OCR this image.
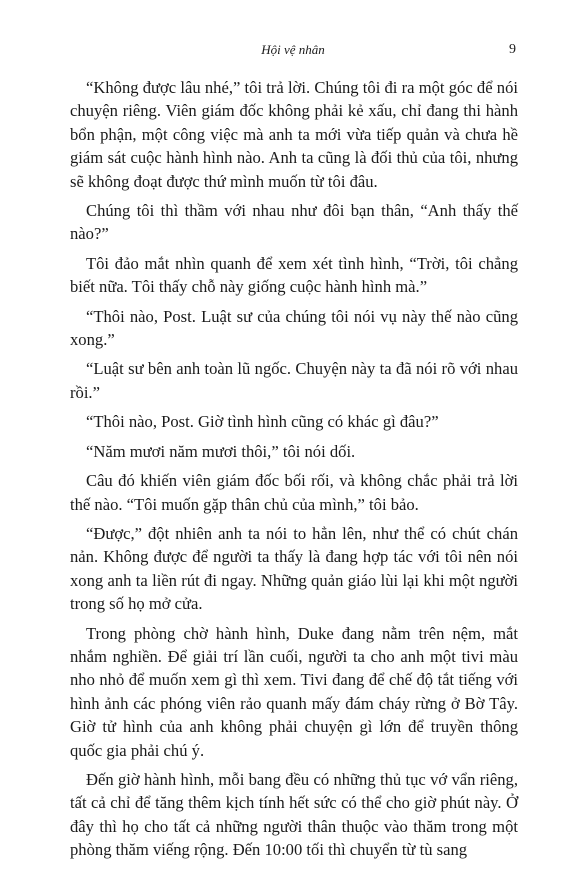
Hội vệ nhân	9

“Không được lâu nhé,” tôi trả lời. Chúng tôi đi ra một góc để nói chuyện riêng. Viên giám đốc không phải kẻ xấu, chỉ đang thi hành bổn phận, một công việc mà anh ta mới vừa tiếp quản và chưa hề giám sát cuộc hành hình nào. Anh ta cũng là đối thủ của tôi, nhưng sẽ không đoạt được thứ mình muốn từ tôi đâu.

Chúng tôi thì thầm với nhau như đôi bạn thân, “Anh thấy thế nào?”

Tôi đảo mắt nhìn quanh để xem xét tình hình, “Trời, tôi chẳng biết nữa. Tôi thấy chỗ này giống cuộc hành hình mà.”

“Thôi nào, Post. Luật sư của chúng tôi nói vụ này thế nào cũng xong.”

“Luật sư bên anh toàn lũ ngốc. Chuyện này ta đã nói rõ với nhau rồi.”

“Thôi nào, Post. Giờ tình hình cũng có khác gì đâu?”

“Năm mươi năm mươi thôi,” tôi nói dối.

Câu đó khiến viên giám đốc bối rối, và không chắc phải trả lời thế nào. “Tôi muốn gặp thân chủ của mình,” tôi bảo.

“Được,” đột nhiên anh ta nói to hẳn lên, như thể có chút chán nản. Không được để người ta thấy là đang hợp tác với tôi nên nói xong anh ta liền rút đi ngay. Những quản giáo lùi lại khi một người trong số họ mở cửa.

Trong phòng chờ hành hình, Duke đang nằm trên nệm, mắt nhắm nghiền. Để giải trí lần cuối, người ta cho anh một tivi màu nho nhỏ để muốn xem gì thì xem. Tivi đang để chế độ tắt tiếng với hình ảnh các phóng viên rảo quanh mấy đám cháy rừng ở Bờ Tây. Giờ tử hình của anh không phải chuyện gì lớn để truyền thông quốc gia phải chú ý.

Đến giờ hành hình, mỗi bang đều có những thủ tục vớ vẩn riêng, tất cả chỉ để tăng thêm kịch tính hết sức có thể cho giờ phút này. Ở đây thì họ cho tất cả những người thân thuộc vào thăm trong một phòng thăm viếng rộng. Đến 10:00 tối thì chuyển từ tù sang
